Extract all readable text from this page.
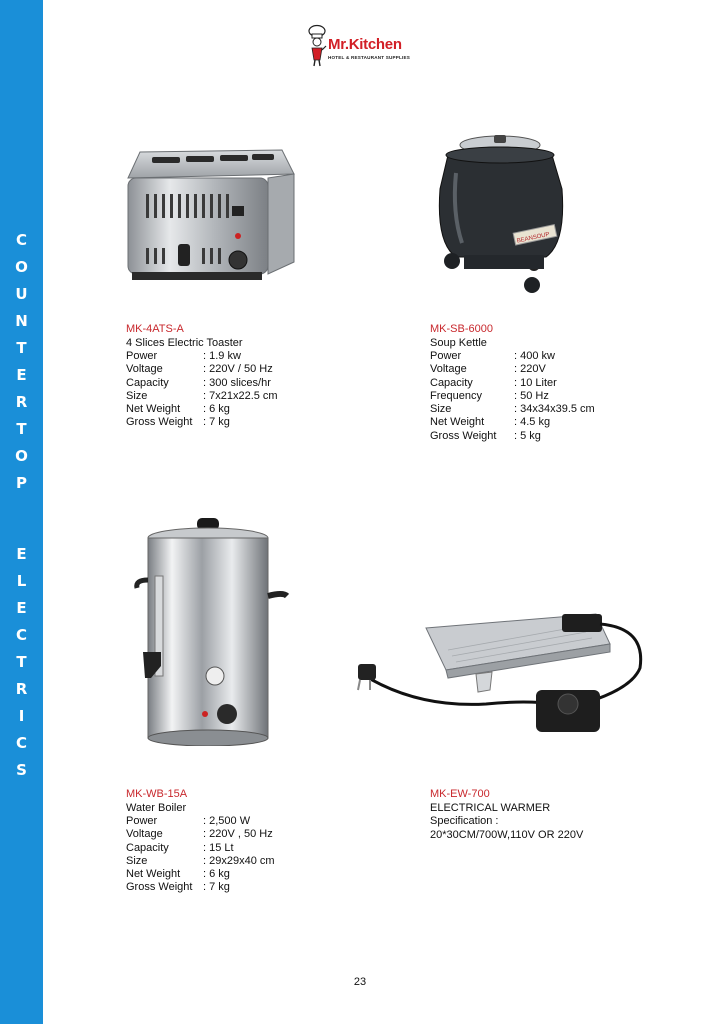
C
O
U
N
T
E
R
T
O
P
E
L
E
C
T
R
I
C
S
Mr.Kitchen
HOTEL & RESTAURANT SUPPLIES
BEANSOUP
MK-4ATS-A
4 Slices Electric Toaster
Power	: 1.9 kw
Voltage	: 220V / 50 Hz
Capacity	: 300 slices/hr
Size	: 7x21x22.5 cm
Net Weight	: 6 kg
Gross Weight	: 7 kg
MK-SB-6000
Soup Kettle
Power	: 400 kw
Voltage	: 220V
Capacity	: 10 Liter
Frequency	: 50 Hz
Size	: 34x34x39.5 cm
Net Weight	: 4.5 kg
Gross Weight	: 5 kg
MK-WB-15A
Water Boiler
Power	: 2,500 W
Voltage	: 220V , 50 Hz
Capacity	: 15 Lt
Size	: 29x29x40 cm
Net Weight	: 6 kg
Gross Weight	: 7 kg
MK-EW-700
ELECTRICAL WARMER
Specification :
20*30CM/700W,110V OR 220V
23
